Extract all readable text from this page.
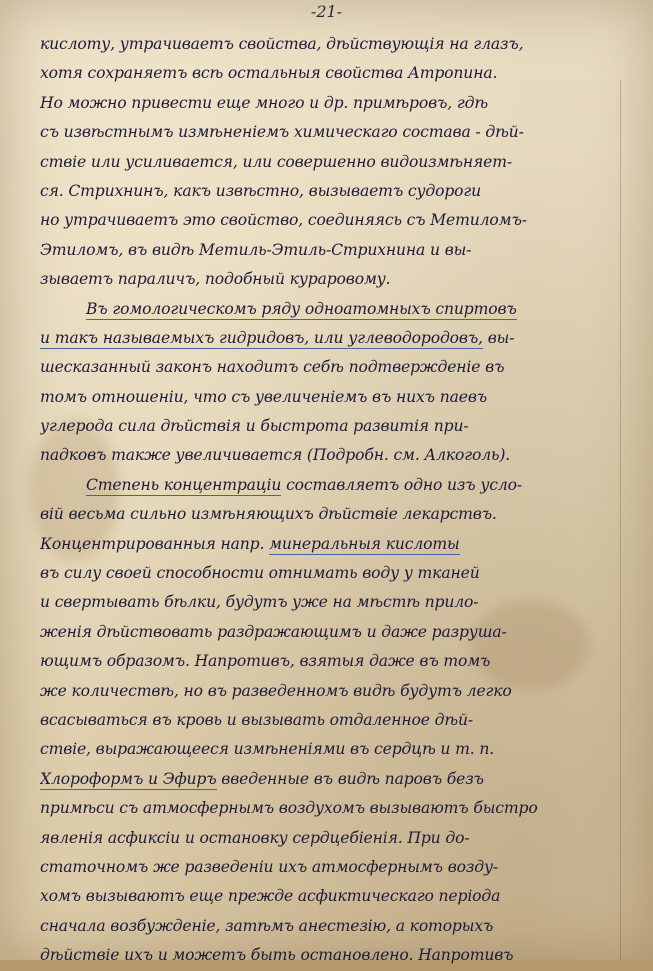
-21-
кислоту, утрачиваетъ свойства, дѣйствующія на глазъ,
хотя сохраняетъ всѣ остальныя свойства Атропина.
Но можно привести еще много и др. примѣровъ, гдѣ
съ извѣстнымъ измѣненіемъ химическаго состава - дѣй-
ствіе или усиливается, или совершенно видоизмѣняет-
ся. Стрихнинъ, какъ извѣстно, вызываетъ судороги
но утрачиваетъ это свойство, соединяясь съ Метиломъ-
Этиломъ, въ видѣ Метиль-Этиль-Стрихнина и вы-
зываетъ параличъ, подобный кураровому.
Въ гомологическомъ ряду одноатомныхъ спиртовъ
и такъ называемыхъ гидридовъ, или углеводородовъ, вы-
шесказанный законъ находитъ себѣ подтвержденіе въ
томъ отношеніи, что съ увеличеніемъ въ нихъ паевъ
углерода сила дѣйствія и быстрота развитія при-
падковъ также увеличивается (Подробн. см. Алкоголь).
Степень концентраціи составляетъ одно изъ усло-
вій весьма сильно измѣняющихъ дѣйствіе лекарствъ.
Концентрированныя напр. минеральныя кислоты
въ силу своей способности отнимать воду у тканей
и свертывать бѣлки, будутъ уже на мѣстѣ прило-
женія дѣйствовать раздражающимъ и даже разруша-
ющимъ образомъ. Напротивъ, взятыя даже въ томъ
же количествѣ, но въ разведенномъ видѣ будутъ легко
всасываться въ кровь и вызывать отдаленное дѣй-
ствіе, выражающееся измѣненіями въ сердцѣ и т. п.
Хлороформъ и Эфиръ введенные въ видѣ паровъ безъ
примѣси съ атмосфернымъ воздухомъ вызываютъ быстро
явленія асфиксіи и остановку сердцебіенія. При до-
статочномъ же разведеніи ихъ атмосфернымъ возду-
хомъ вызываютъ еще прежде асфиктическаго періода
сначала возбужденіе, затѣмъ анестезію, а которыхъ
дѣйствіе ихъ и можетъ быть остановлено. Напротивъ
